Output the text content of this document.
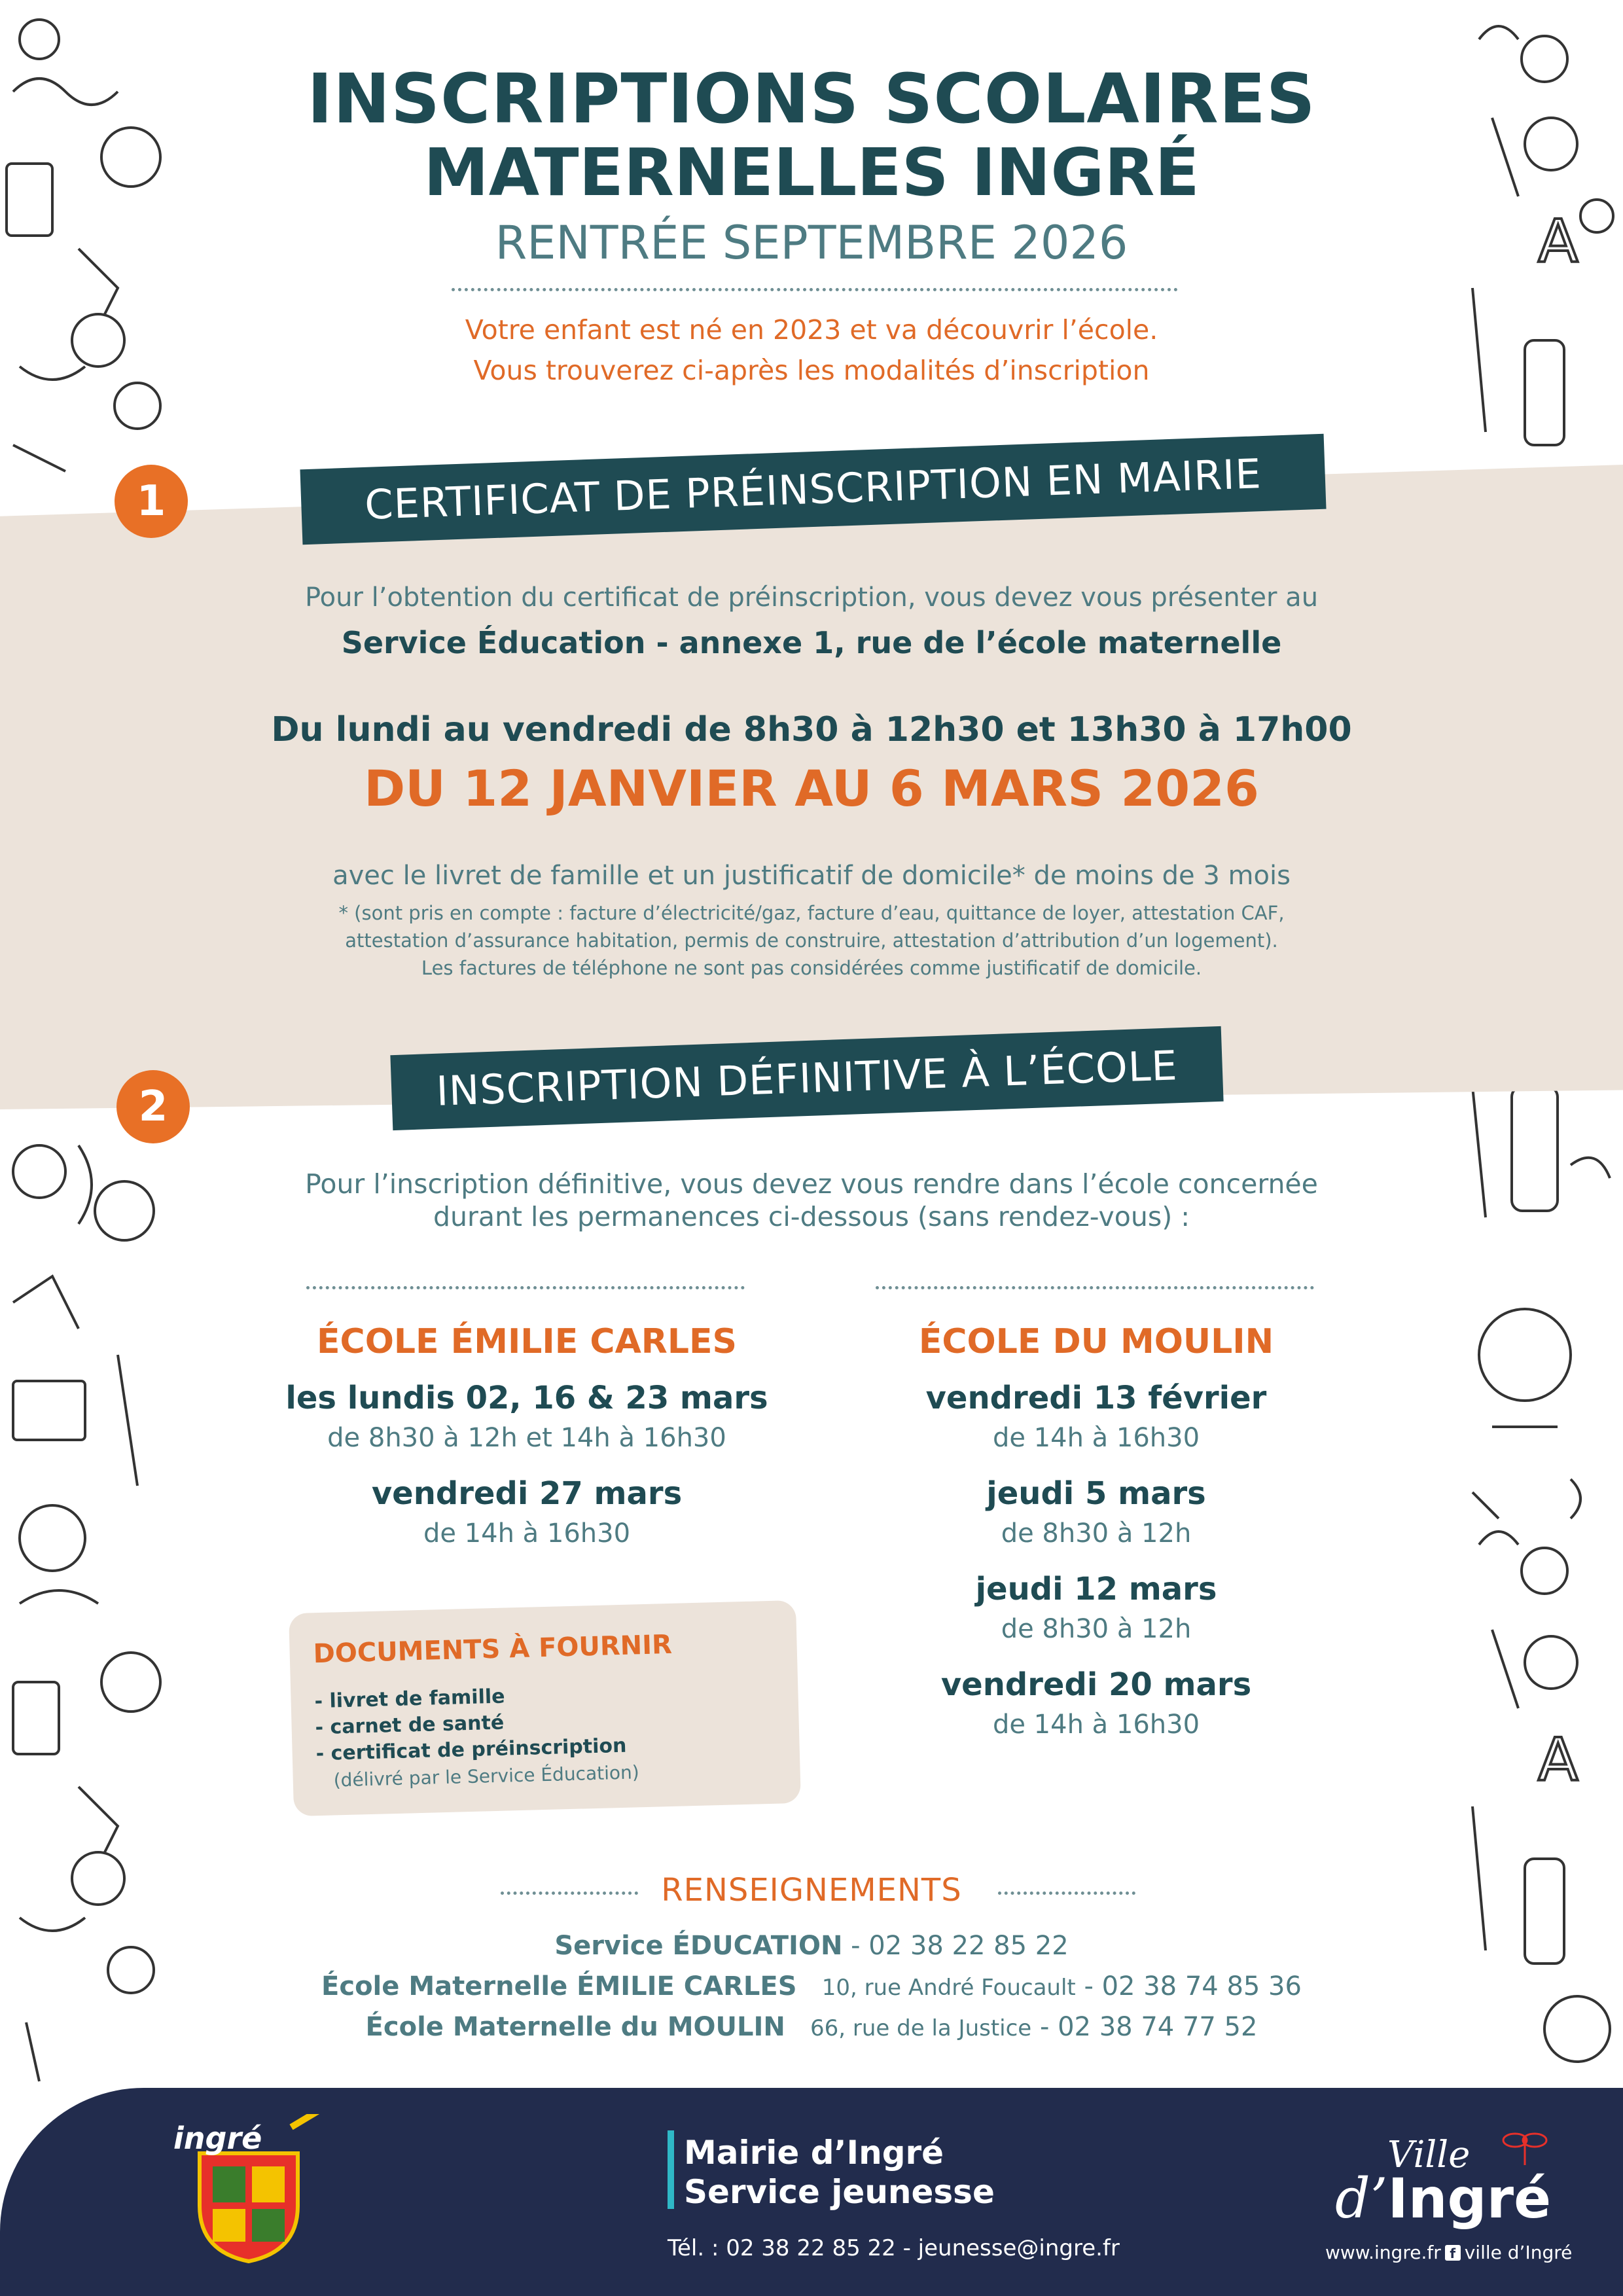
A
A
INSCRIPTIONS SCOLAIRES
MATERNELLES INGRÉ
RENTRÉE SEPTEMBRE 2026
Votre enfant est né en 2023 et va découvrir l’école.
Vous trouverez ci-après les modalités d’inscription
1	CERTIFICAT DE PRÉINSCRIPTION EN MAIRIE
Pour l’obtention du certificat de préinscription, vous devez vous présenter au
Service Éducation - annexe 1, rue de l’école maternelle
Du lundi au vendredi de 8h30 à 12h30 et 13h30 à 17h00
DU 12 JANVIER AU 6 MARS 2026
avec le livret de famille et un justificatif de domicile* de moins de 3 mois
* (sont pris en compte : facture d’électricité/gaz, facture d’eau, quittance de loyer, attestation CAF,
attestation d’assurance habitation, permis de construire, attestation d’attribution d’un logement).
Les factures de téléphone ne sont pas considérées comme justificatif de domicile.
2	INSCRIPTION DÉFINITIVE À L’ÉCOLE
Pour l’inscription définitive, vous devez vous rendre dans l’école concernée
durant les permanences ci-dessous (sans rendez-vous) :
ÉCOLE ÉMILIE CARLES
les lundis 02, 16 & 23 mars
de 8h30 à 12h et 14h à 16h30
vendredi 27 mars
de 14h à 16h30
ÉCOLE DU MOULIN
vendredi 13 février
de 14h à 16h30
jeudi 5 mars
de 8h30 à 12h
jeudi 12 mars
de 8h30 à 12h
vendredi 20 mars
de 14h à 16h30
DOCUMENTS À FOURNIR
- livret de famille
- carnet de santé
- certificat de préinscription
(délivré par le Service Éducation)
RENSEIGNEMENTS
Service ÉDUCATION - 02 38 22 85 22
École Maternelle ÉMILIE CARLES 10, rue André Foucault - 02 38 74 85 36
École Maternelle du MOULIN 66, rue de la Justice - 02 38 74 77 52
ingré	Mairie d’Ingré
Service jeunesse
Tél. : 02 38 22 85 22 - jeunesse@ingre.fr
Ville
d’Ingré
www.ingre.fr f ville d’Ingré
